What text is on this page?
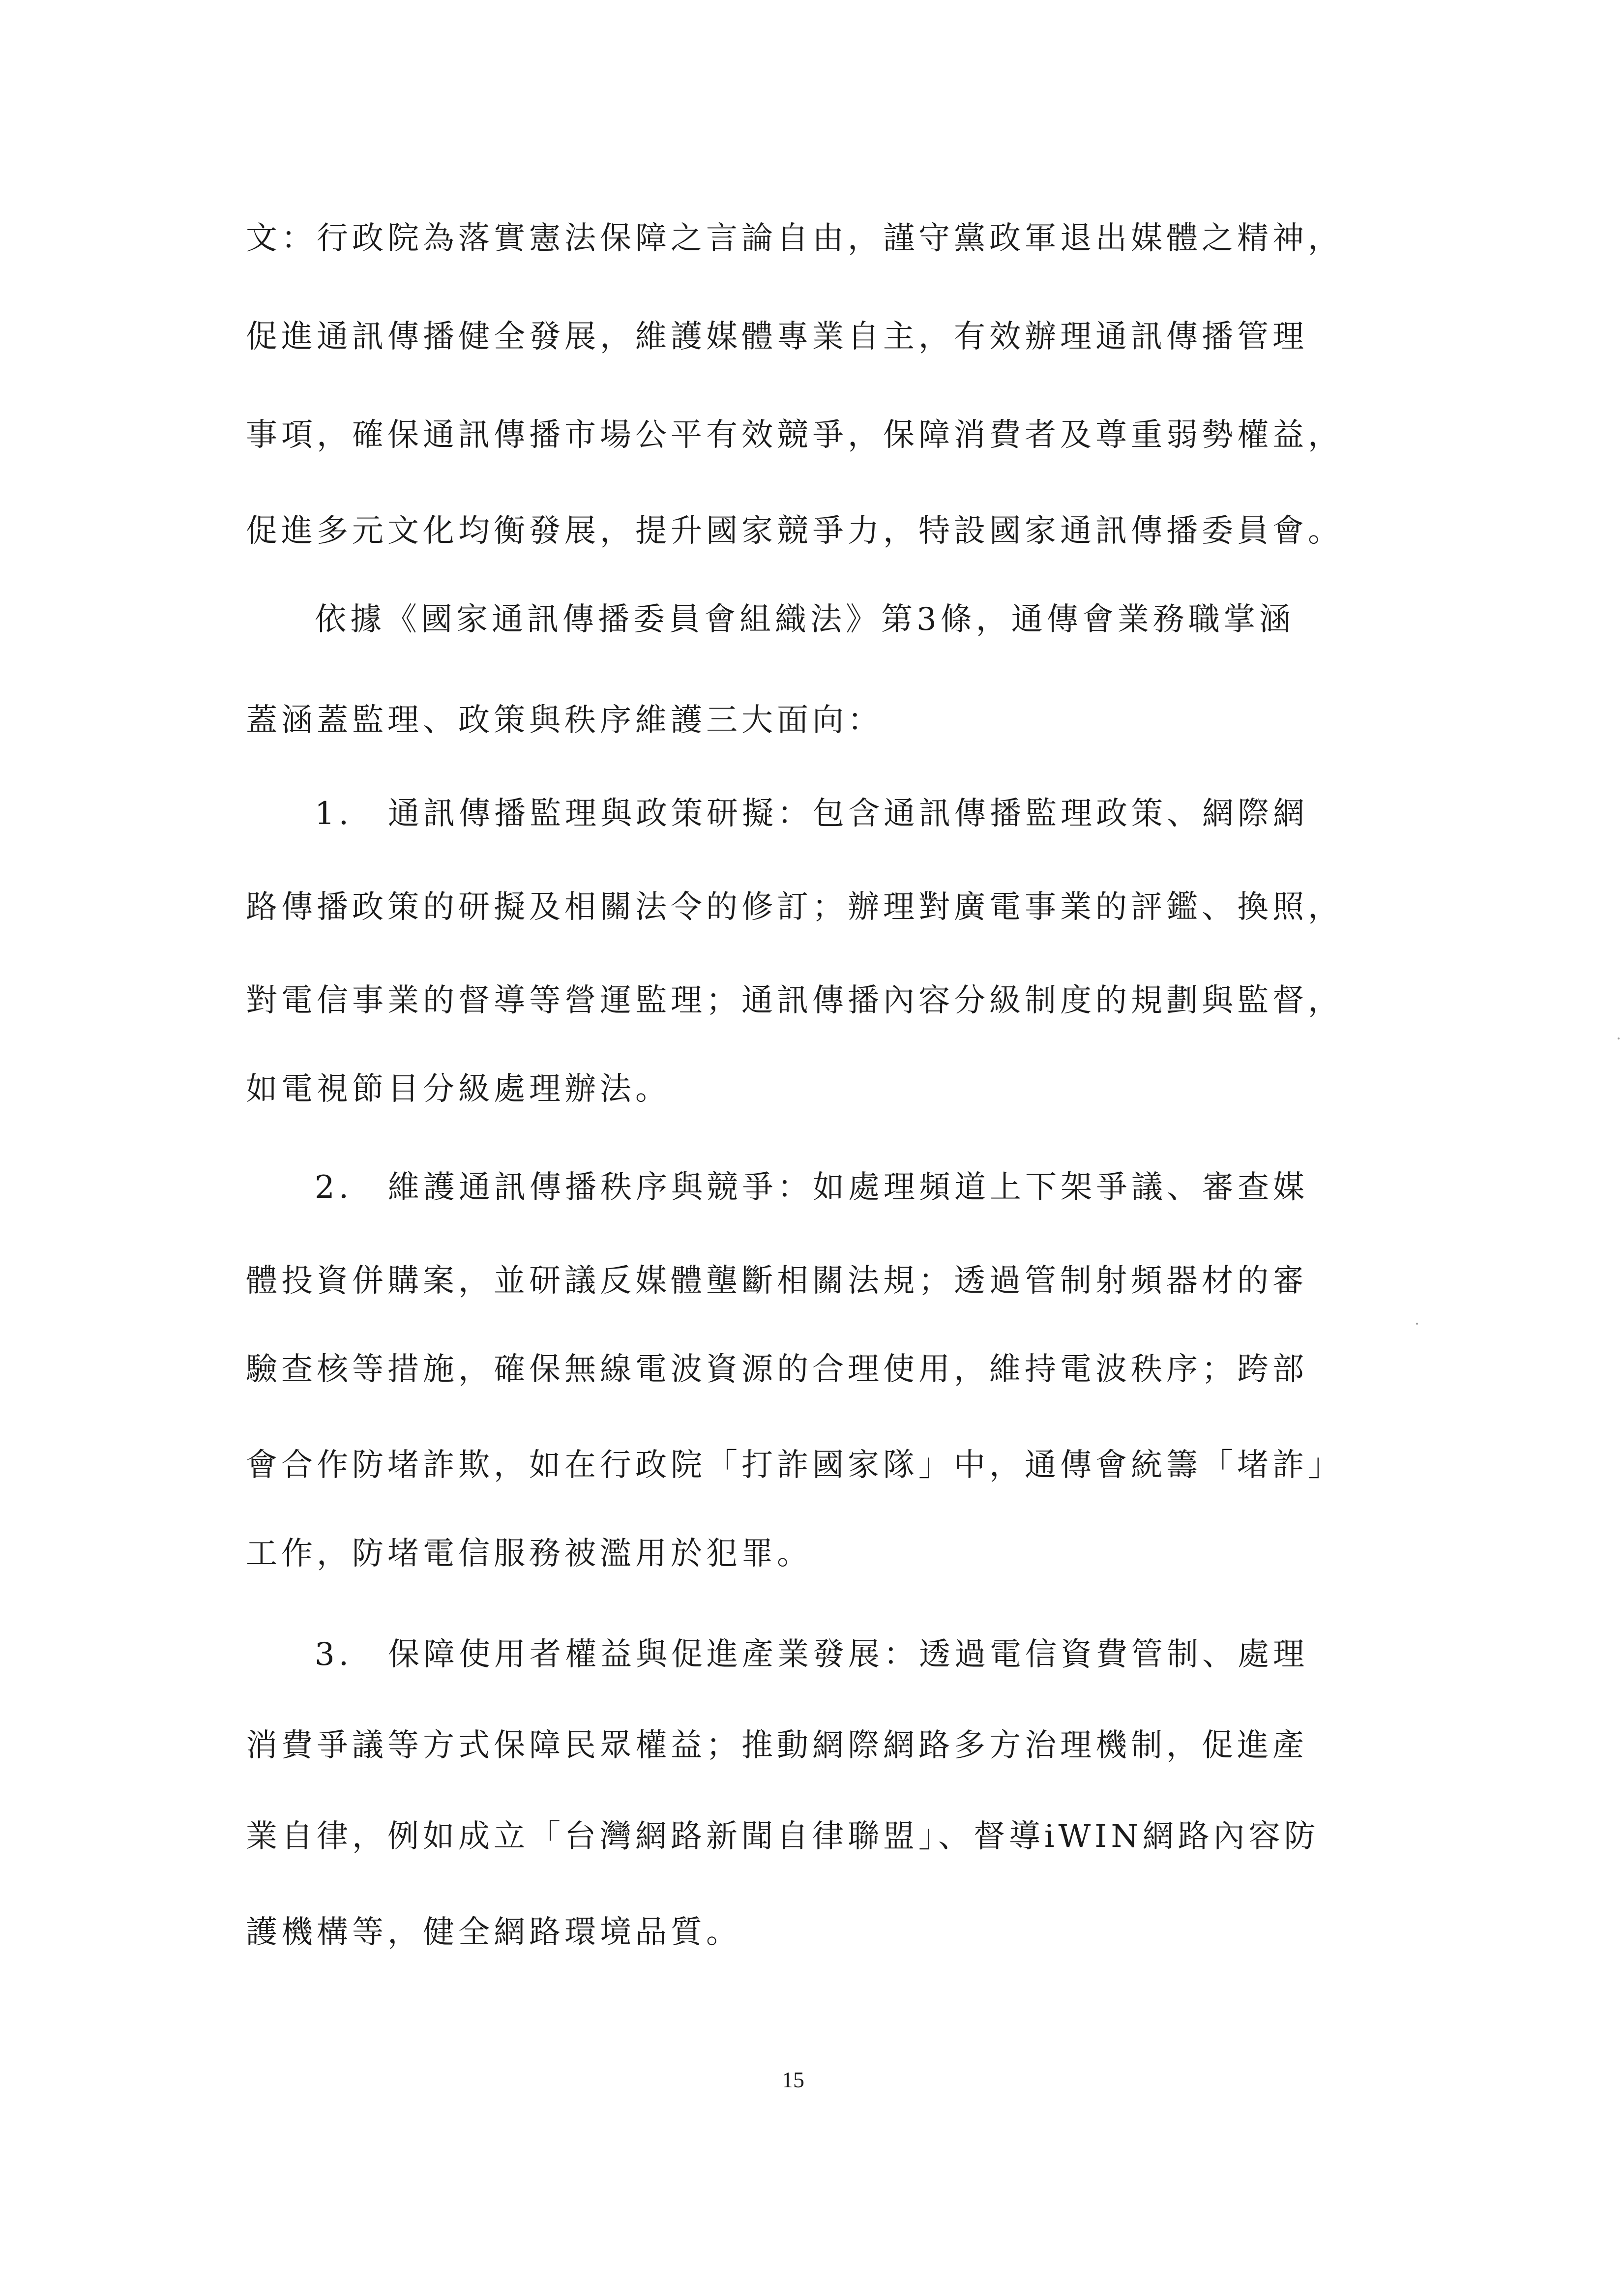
文：行政院為落實憲法保障之言論自由，謹守黨政軍退出媒體之精神，
促進通訊傳播健全發展，維護媒體專業自主，有效辦理通訊傳播管理
事項，確保通訊傳播市場公平有效競爭，保障消費者及尊重弱勢權益，
促進多元文化均衡發展，提升國家競爭力，特設國家通訊傳播委員會。
依據《國家通訊傳播委員會組織法》第3條，通傳會業務職掌涵
蓋涵蓋監理、政策與秩序維護三大面向：
1.　通訊傳播監理與政策研擬：包含通訊傳播監理政策、網際網
路傳播政策的研擬及相關法令的修訂；辦理對廣電事業的評鑑、換照，
對電信事業的督導等營運監理；通訊傳播內容分級制度的規劃與監督，
如電視節目分級處理辦法。
2.　維護通訊傳播秩序與競爭：如處理頻道上下架爭議、審查媒
體投資併購案，並研議反媒體壟斷相關法規；透過管制射頻器材的審
驗查核等措施，確保無線電波資源的合理使用，維持電波秩序；跨部
會合作防堵詐欺，如在行政院「打詐國家隊」中，通傳會統籌「堵詐」
工作，防堵電信服務被濫用於犯罪。
3.　保障使用者權益與促進產業發展：透過電信資費管制、處理
消費爭議等方式保障民眾權益；推動網際網路多方治理機制，促進產
業自律，例如成立「台灣網路新聞自律聯盟」、督導iWIN網路內容防
護機構等，健全網路環境品質。
15
